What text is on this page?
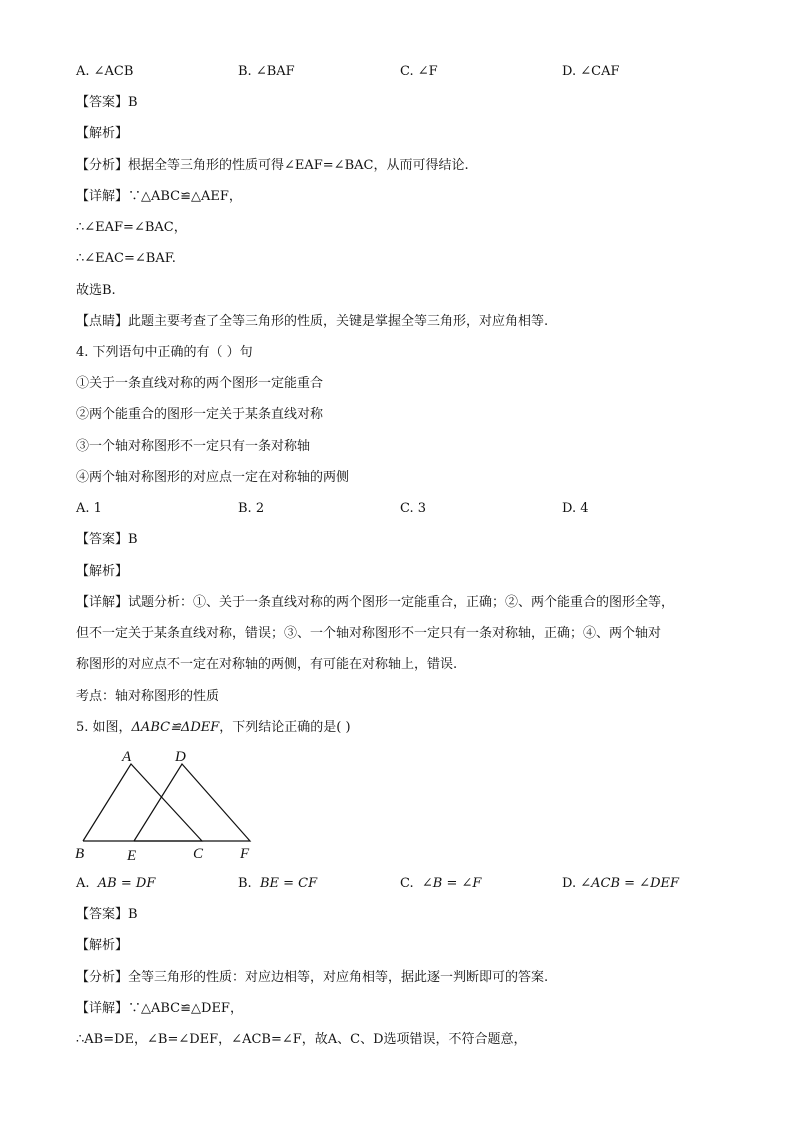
A. ∠ACB	B. ∠BAF	C. ∠F	D. ∠CAF
【答案】B
【解析】
【分析】根据全等三角形的性质可得∠EAF=∠BAC，从而可得结论.
【详解】∵△ABC≌△AEF，
∴∠EAF=∠BAC，
∴∠EAC=∠BAF.
故选B.
【点睛】此题主要考查了全等三角形的性质，关键是掌握全等三角形，对应角相等.
4. 下列语句中正确的有（ ）句
①关于一条直线对称的两个图形一定能重合
②两个能重合的图形一定关于某条直线对称
③一个轴对称图形不一定只有一条对称轴
④两个轴对称图形的对应点一定在对称轴的两侧
A. 1	B. 2	C. 3	D. 4
【答案】B
【解析】
【详解】试题分析：①、关于一条直线对称的两个图形一定能重合，正确；②、两个能重合的图形全等，
但不一定关于某条直线对称，错误；③、一个轴对称图形不一定只有一条对称轴，正确；④、两个轴对
称图形的对应点不一定在对称轴的两侧，有可能在对称轴上，错误.
考点：轴对称图形的性质
5. 如图，ΔABC≌ΔDEF，下列结论正确的是( )
A	D
B	E	C F
A. AB = DF	B. BE = CF	C. ∠B = ∠F	D. ∠ACB = ∠DEF
【答案】B
【解析】
【分析】全等三角形的性质：对应边相等，对应角相等，据此逐一判断即可的答案.
【详解】∵△ABC≌△DEF，
∴AB=DE，∠B=∠DEF，∠ACB=∠F，故A、C、D选项错误，不符合题意，
